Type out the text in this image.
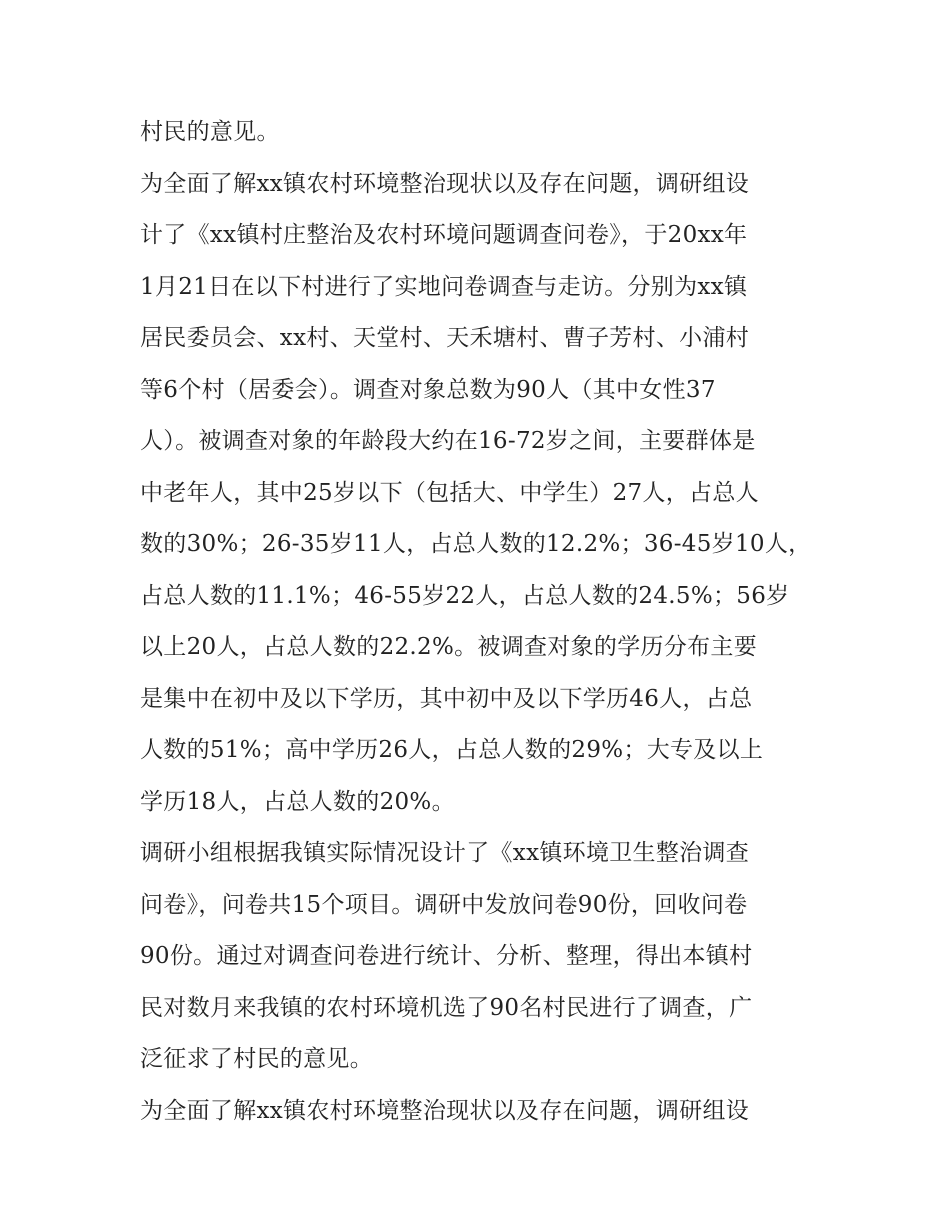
村民的意见。
为全面了解xx镇农村环境整治现状以及存在问题，调研组设
计了《xx镇村庄整治及农村环境问题调查问卷》，于20xx年
1月21日在以下村进行了实地问卷调查与走访。分别为xx镇
居民委员会、xx村、天堂村、天禾塘村、曹子芳村、小浦村
等6个村（居委会）。调查对象总数为90人（其中女性37
人）。被调查对象的年龄段大约在16-72岁之间，主要群体是
中老年人，其中25岁以下（包括大、中学生）27人，占总人
数的30%；26-35岁11人，占总人数的12.2%；36-45岁10人，
占总人数的11.1%；46-55岁22人，占总人数的24.5%；56岁
以上20人，占总人数的22.2%。被调查对象的学历分布主要
是集中在初中及以下学历，其中初中及以下学历46人，占总
人数的51%；高中学历26人，占总人数的29%；大专及以上
学历18人，占总人数的20%。
调研小组根据我镇实际情况设计了《xx镇环境卫生整治调查
问卷》，问卷共15个项目。调研中发放问卷90份，回收问卷
90份。通过对调查问卷进行统计、分析、整理，得出本镇村
民对数月来我镇的农村环境机选了90名村民进行了调查，广
泛征求了村民的意见。
为全面了解xx镇农村环境整治现状以及存在问题，调研组设
